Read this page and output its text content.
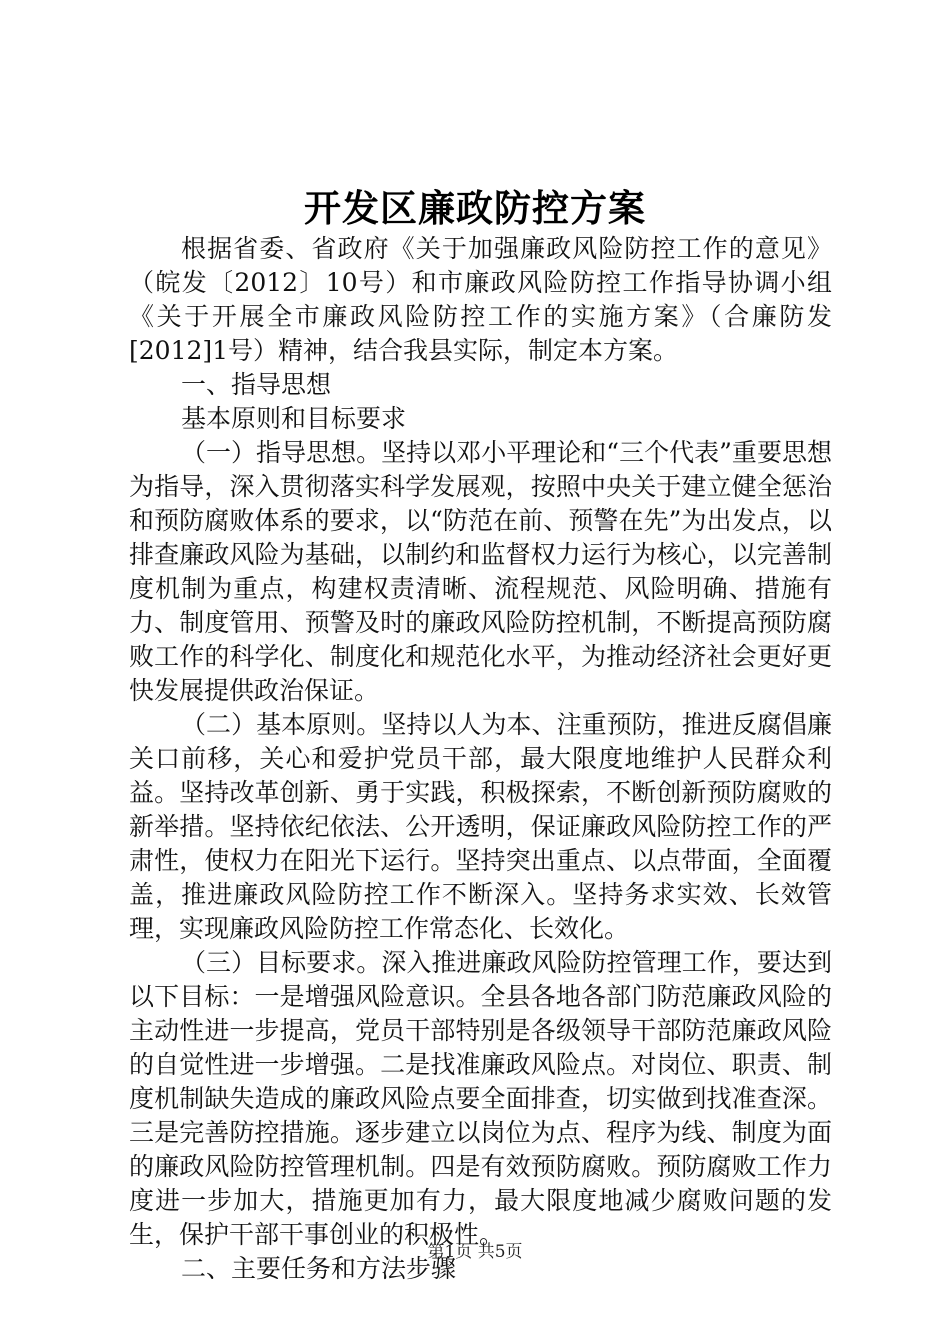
开发区廉政防控方案

根据省委、省政府《关于加强廉政风险防控工作的意见》（皖发〔2012〕10号）和市廉政风险防控工作指导协调小组《关于开展全市廉政风险防控工作的实施方案》（合廉防发[2012]1号）精神，结合我县实际，制定本方案。

一、指导思想

基本原则和目标要求

（一）指导思想。坚持以邓小平理论和“三个代表”重要思想为指导，深入贯彻落实科学发展观，按照中央关于建立健全惩治和预防腐败体系的要求，以“防范在前、预警在先”为出发点，以排查廉政风险为基础，以制约和监督权力运行为核心，以完善制度机制为重点，构建权责清晰、流程规范、风险明确、措施有力、制度管用、预警及时的廉政风险防控机制，不断提高预防腐败工作的科学化、制度化和规范化水平，为推动经济社会更好更快发展提供政治保证。

（二）基本原则。坚持以人为本、注重预防，推进反腐倡廉关口前移，关心和爱护党员干部，最大限度地维护人民群众利益。坚持改革创新、勇于实践，积极探索，不断创新预防腐败的新举措。坚持依纪依法、公开透明，保证廉政风险防控工作的严肃性，使权力在阳光下运行。坚持突出重点、以点带面，全面覆盖，推进廉政风险防控工作不断深入。坚持务求实效、长效管理，实现廉政风险防控工作常态化、长效化。

（三）目标要求。深入推进廉政风险防控管理工作，要达到以下目标：一是增强风险意识。全县各地各部门防范廉政风险的主动性进一步提高，党员干部特别是各级领导干部防范廉政风险的自觉性进一步增强。二是找准廉政风险点。对岗位、职责、制度机制缺失造成的廉政风险点要全面排查，切实做到找准查深。三是完善防控措施。逐步建立以岗位为点、程序为线、制度为面的廉政风险防控管理机制。四是有效预防腐败。预防腐败工作力度进一步加大，措施更加有力，最大限度地减少腐败问题的发生，保护干部干事创业的积极性。

二、主要任务和方法步骤

第1页 共5页
